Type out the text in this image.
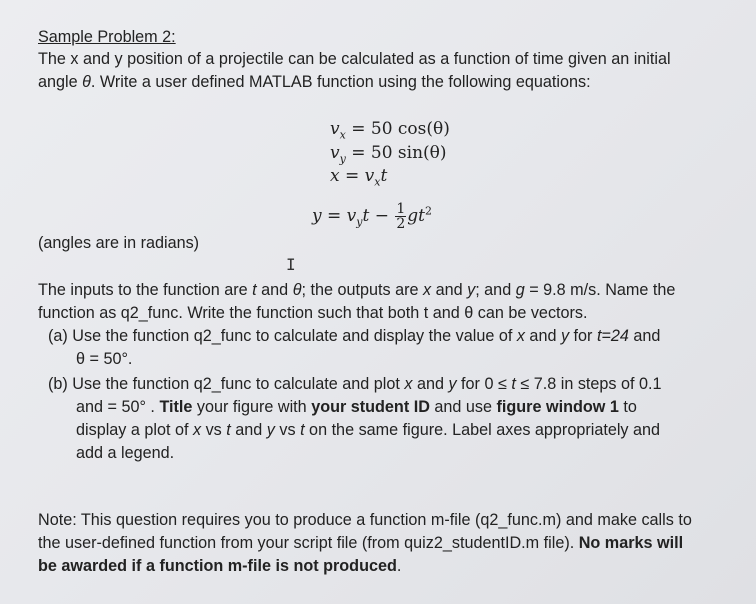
Sample Problem 2:
The x and y position of a projectile can be calculated as a function of time given an initial
angle θ. Write a user defined MATLAB function using the following equations:
$v_x = 50$ cos(θ)
$v_y = 50$ sin(θ)
$x = v_xt$
$y = v_yt - \frac{1}{2} gt^2$
(angles are in radians)
I
The inputs to the function are t and θ; the outputs are x and y; and g = 9.8 m/s. Name the
function as q2_func. Write the function such that both t and θ can be vectors.
(a) Use the function q2_func to calculate and display the value of x and y for t=24 and
θ = 50°.
(b) Use the function q2_func to calculate and plot x and y for 0 ≤ t ≤ 7.8 in steps of 0.1
and = 50° . Title your figure with your student ID and use figure window 1 to
display a plot of x vs t and y vs t on the same figure. Label axes appropriately and
add a legend.
Note: This question requires you to produce a function m-file (q2_func.m) and make calls to
the user-defined function from your script file (from quiz2_studentID.m file). No marks will
be awarded if a function m-file is not produced.
